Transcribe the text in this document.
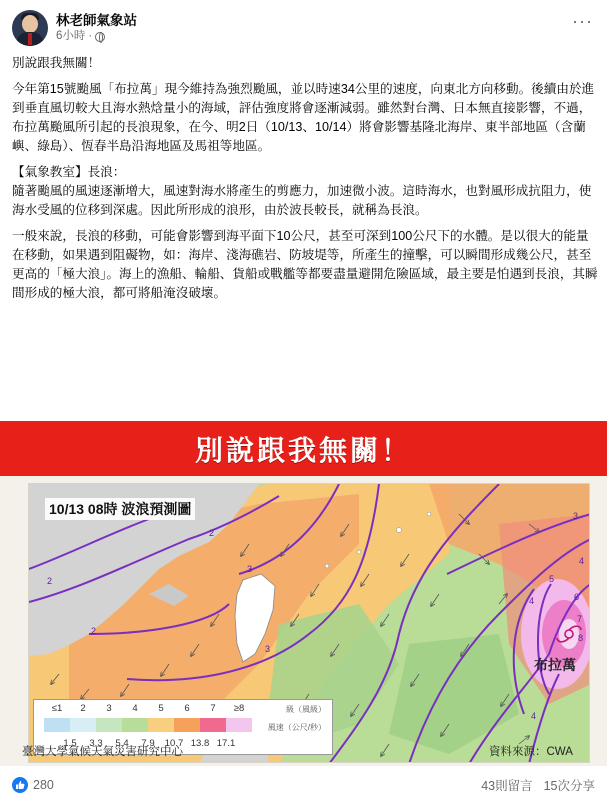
林老師氣象站
6小時 ·
···

別說跟我無關！

今年第15號颱風「布拉萬」現今維持為強烈颱風，並以時速34公里的速度，向東北方向移動。後續由於進到垂直風切較大且海水熱焓量小的海域，評估強度將會逐漸減弱。雖然對台灣、日本無直接影響，不過，布拉萬颱風所引起的長浪現象，在今、明2日（10/13、10/14）將會影響基隆北海岸、東半部地區（含蘭嶼、綠島）、恆春半島沿海地區及馬祖等地區。

【氣象教室】長浪：
隨著颱風的風速逐漸增大，風速對海水將產生的剪應力，加速微小波。這時海水，也對風形成抗阻力，使海水受風的位移到深處。因此所形成的浪形，由於波長較長，就稱為長浪。

一般來說，長浪的移動，可能會影響到海平面下10公尺，甚至可深到100公尺下的水體。是以很大的能量在移動，如果遇到阻礙物，如：海岸、淺海礁岩、防坡堤等，所產生的撞擊，可以瞬間形成幾公尺，甚至更高的「極大浪」。海上的漁船、輪船、貨船或戰艦等都要盡量避開危險區域，最主要是怕遇到長浪，其瞬間形成的極大浪，都可將船淹沒破壞。

別說跟我無關！
2
2
3
2
3
4
5
6
7
8
4
3
4
10/13 08時 波浪預測圖
布拉萬
≤1	2	3	4	5	6	7	≥8
1.5	3.3	5.4	7.9	10.7 13.8 17.1
級（風級）
風速（公尺/秒）
臺灣大學氣候天氣災害研究中心	資料來源：CWA
280	43則留言 15次分享
